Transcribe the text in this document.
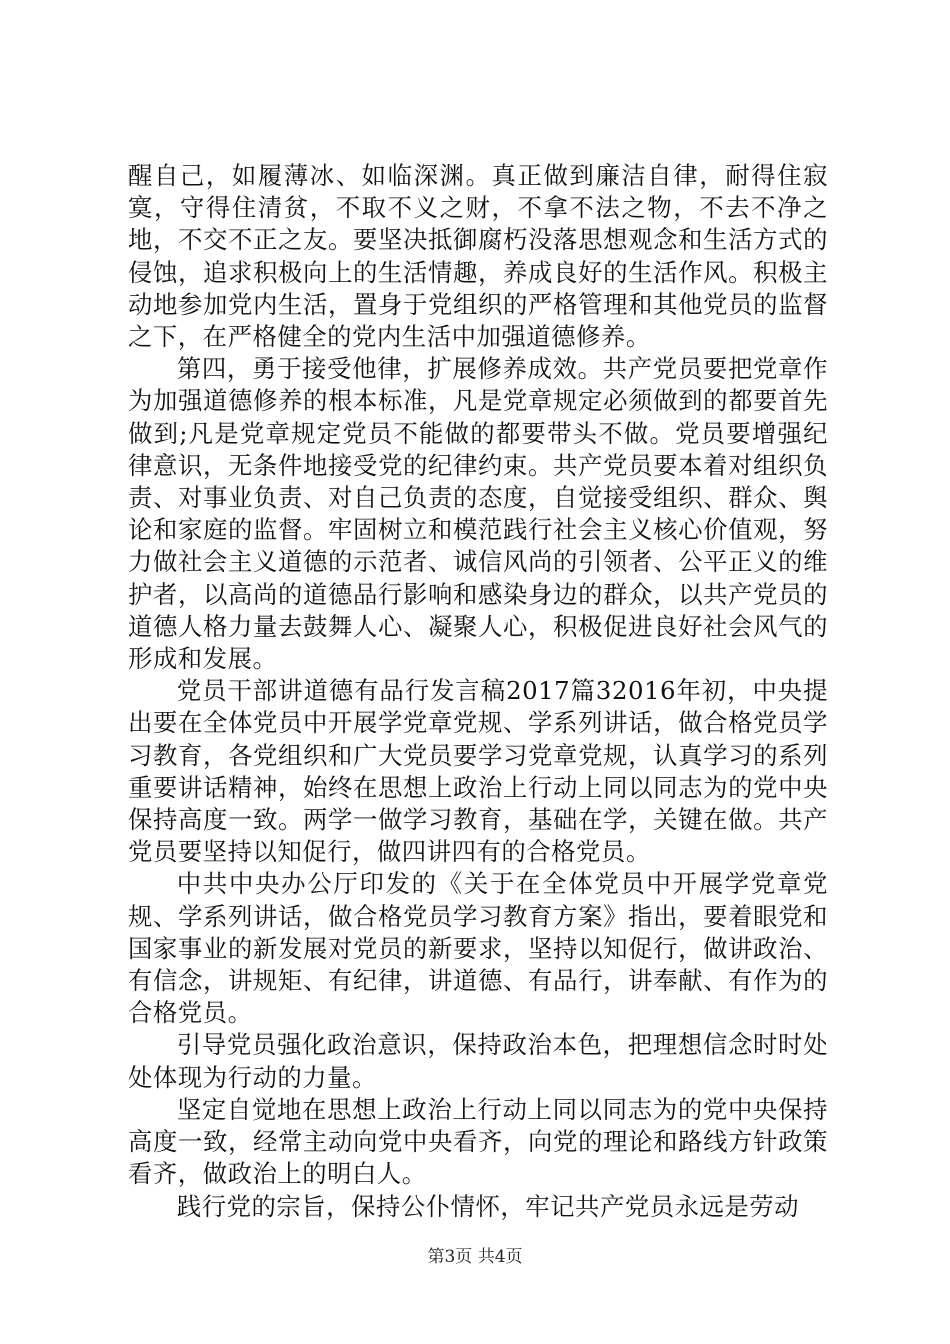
醒自己，如履薄冰、如临深渊。真正做到廉洁自律，耐得住寂寞，守得住清贫，不取不义之财，不拿不法之物，不去不净之地，不交不正之友。要坚决抵御腐朽没落思想观念和生活方式的侵蚀，追求积极向上的生活情趣，养成良好的生活作风。积极主动地参加党内生活，置身于党组织的严格管理和其他党员的监督之下，在严格健全的党内生活中加强道德修养。

第四，勇于接受他律，扩展修养成效。共产党员要把党章作为加强道德修养的根本标准，凡是党章规定必须做到的都要首先做到;凡是党章规定党员不能做的都要带头不做。党员要增强纪律意识，无条件地接受党的纪律约束。共产党员要本着对组织负责、对事业负责、对自己负责的态度，自觉接受组织、群众、舆论和家庭的监督。牢固树立和模范践行社会主义核心价值观，努力做社会主义道德的示范者、诚信风尚的引领者、公平正义的维护者，以高尚的道德品行影响和感染身边的群众，以共产党员的道德人格力量去鼓舞人心、凝聚人心，积极促进良好社会风气的形成和发展。

党员干部讲道德有品行发言稿2017篇32016年初，中央提出要在全体党员中开展学党章党规、学系列讲话，做合格党员学习教育，各党组织和广大党员要学习党章党规，认真学习的系列重要讲话精神，始终在思想上政治上行动上同以同志为的党中央保持高度一致。两学一做学习教育，基础在学，关键在做。共产党员要坚持以知促行，做四讲四有的合格党员。

中共中央办公厅印发的《关于在全体党员中开展学党章党规、学系列讲话，做合格党员学习教育方案》指出，要着眼党和国家事业的新发展对党员的新要求，坚持以知促行，做讲政治、有信念，讲规矩、有纪律，讲道德、有品行，讲奉献、有作为的合格党员。

引导党员强化政治意识，保持政治本色，把理想信念时时处处体现为行动的力量。

坚定自觉地在思想上政治上行动上同以同志为的党中央保持高度一致，经常主动向党中央看齐，向党的理论和路线方针政策看齐，做政治上的明白人。

践行党的宗旨，保持公仆情怀，牢记共产党员永远是劳动

第3页 共4页
